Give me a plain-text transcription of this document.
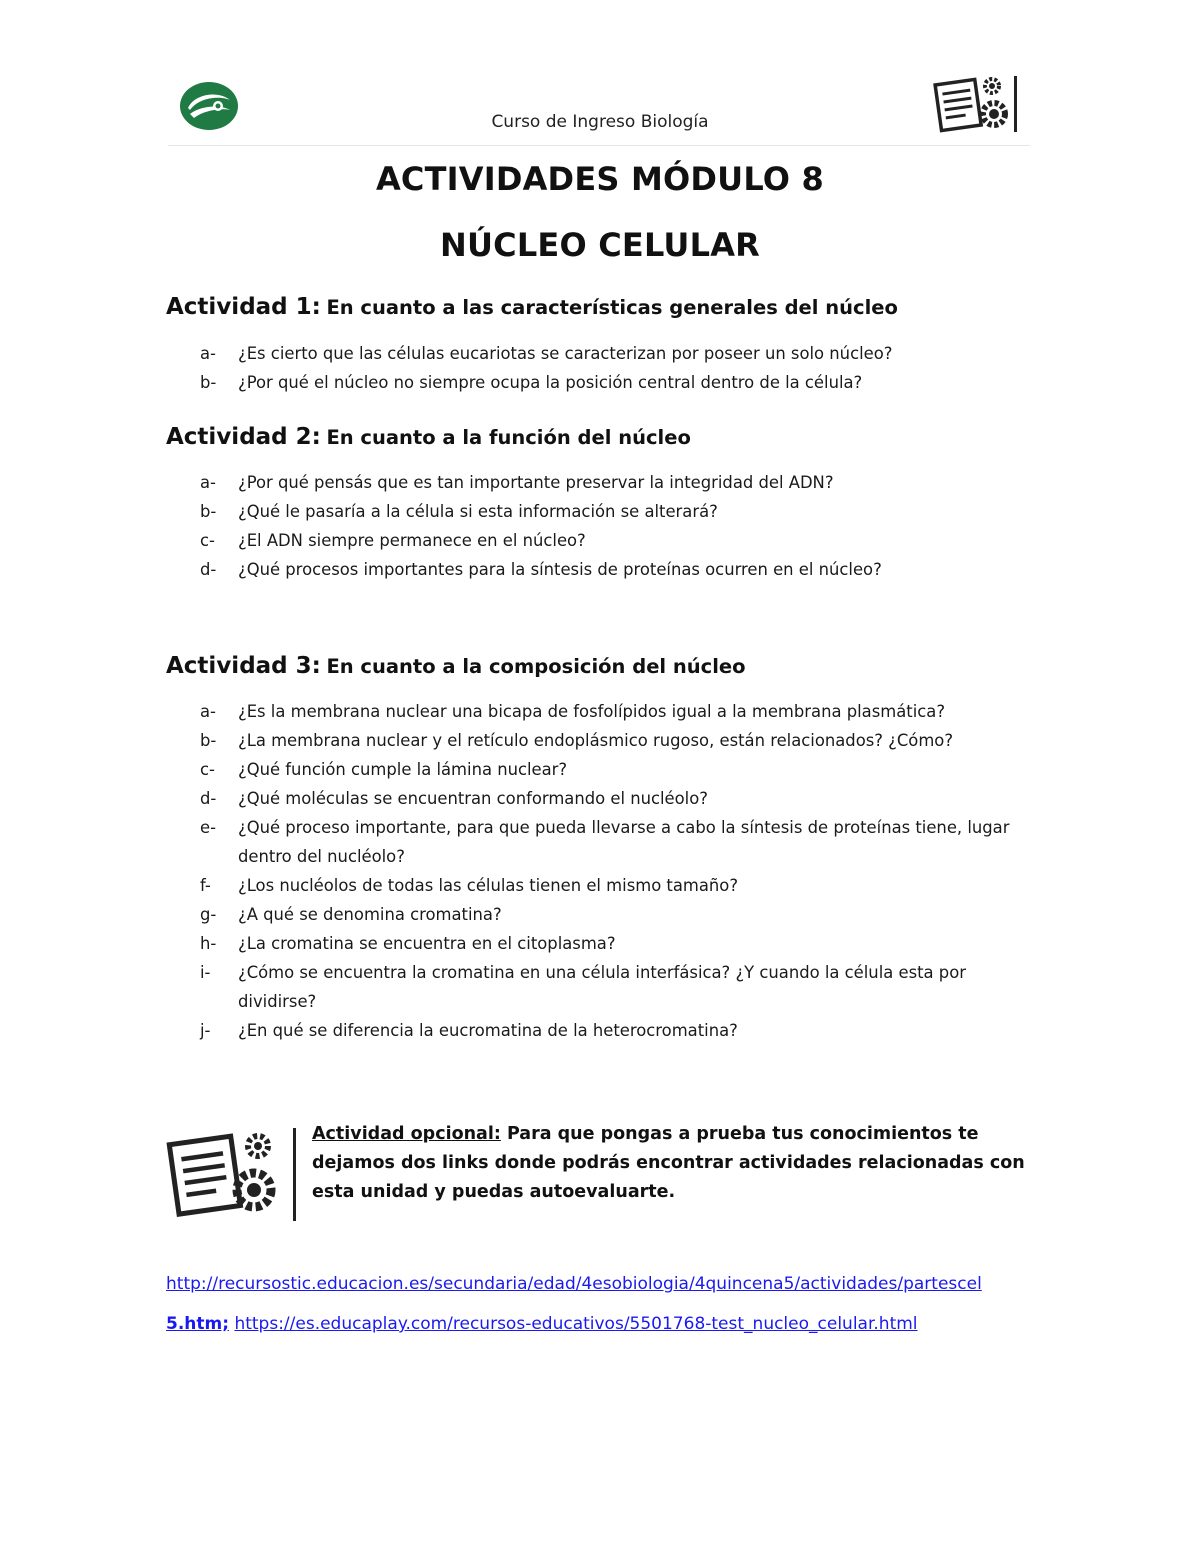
Curso de Ingreso Biología
ACTIVIDADES MÓDULO 8
NÚCLEO CELULAR
Actividad 1: En cuanto a las características generales del núcleo
a-	¿Es cierto que las células eucariotas se caracterizan por poseer un solo núcleo?
b-	¿Por qué el núcleo no siempre ocupa la posición central dentro de la célula?
Actividad 2: En cuanto a la función del núcleo
a-	¿Por qué pensás que es tan importante preservar la integridad del ADN?
b-	¿Qué le pasaría a la célula si esta información se alterará?
c-	¿El ADN siempre permanece en el núcleo?
d-	¿Qué procesos importantes para la síntesis de proteínas ocurren en el núcleo?
Actividad 3: En cuanto a la composición del núcleo
a-	¿Es la membrana nuclear una bicapa de fosfolípidos igual a la membrana plasmática?
b-	¿La membrana nuclear y el retículo endoplásmico rugoso, están relacionados? ¿Cómo?
c-	¿Qué función cumple la lámina nuclear?
d-	¿Qué moléculas se encuentran conformando el nucléolo?
e-	¿Qué proceso importante, para que pueda llevarse a cabo la síntesis de proteínas tiene, lugar dentro del nucléolo?
f-	¿Los nucléolos de todas las células tienen el mismo tamaño?
g-	¿A qué se denomina cromatina?
h-	¿La cromatina se encuentra en el citoplasma?
i-	¿Cómo se encuentra la cromatina en una célula interfásica? ¿Y cuando la célula esta por dividirse?
j-	¿En qué se diferencia la eucromatina de la heterocromatina?
Actividad opcional: Para que pongas a prueba tus conocimientos te dejamos dos links donde podrás encontrar actividades relacionadas con esta unidad y puedas autoevaluarte.
http://recursostic.educacion.es/secundaria/edad/4esobiologia/4quincena5/actividades/partescel
5.htm; https://es.educaplay.com/recursos-educativos/5501768-test_nucleo_celular.html
